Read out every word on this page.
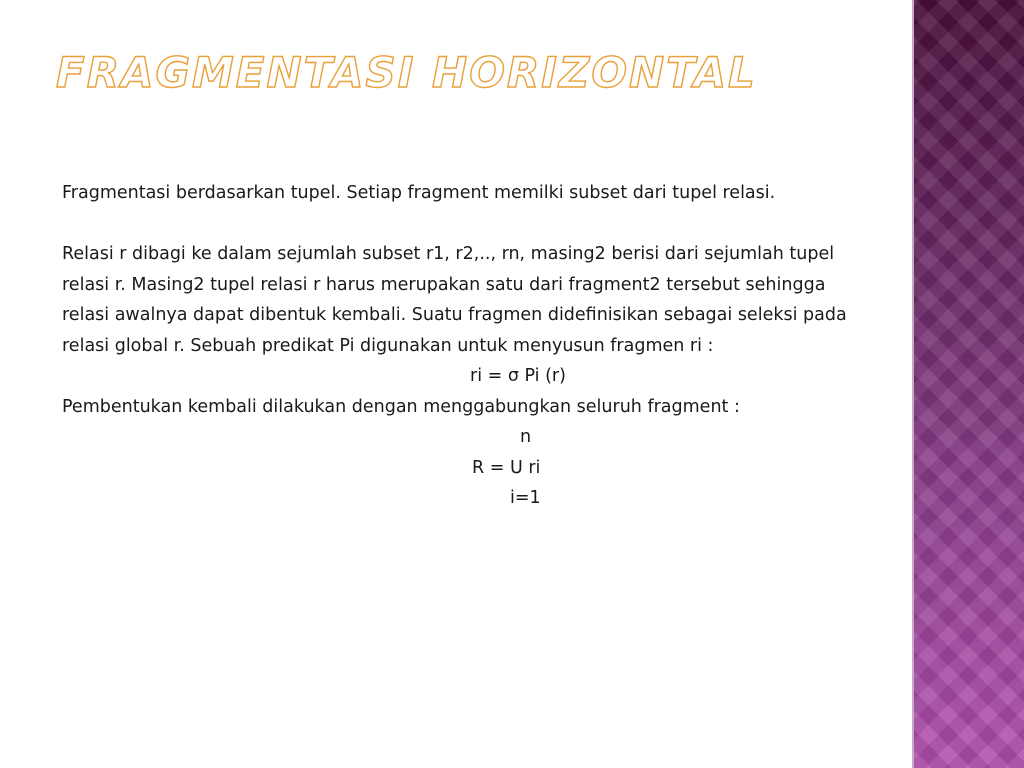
FRAGMENTASI HORIZONTAL

Fragmentasi berdasarkan tupel. Setiap fragment memilki subset dari tupel relasi.

Relasi r dibagi ke dalam sejumlah subset r1, r2,.., rn, masing2 berisi dari sejumlah tupel relasi r. Masing2 tupel relasi r harus merupakan satu dari fragment2 tersebut sehingga relasi awalnya dapat dibentuk kembali. Suatu fragmen didefinisikan sebagai seleksi pada relasi global r. Sebuah predikat Pi digunakan untuk menyusun fragmen ri :

ri = σ Pi (r)

Pembentukan kembali dilakukan dengan menggabungkan seluruh fragment :

n

R = U ri

i=1
